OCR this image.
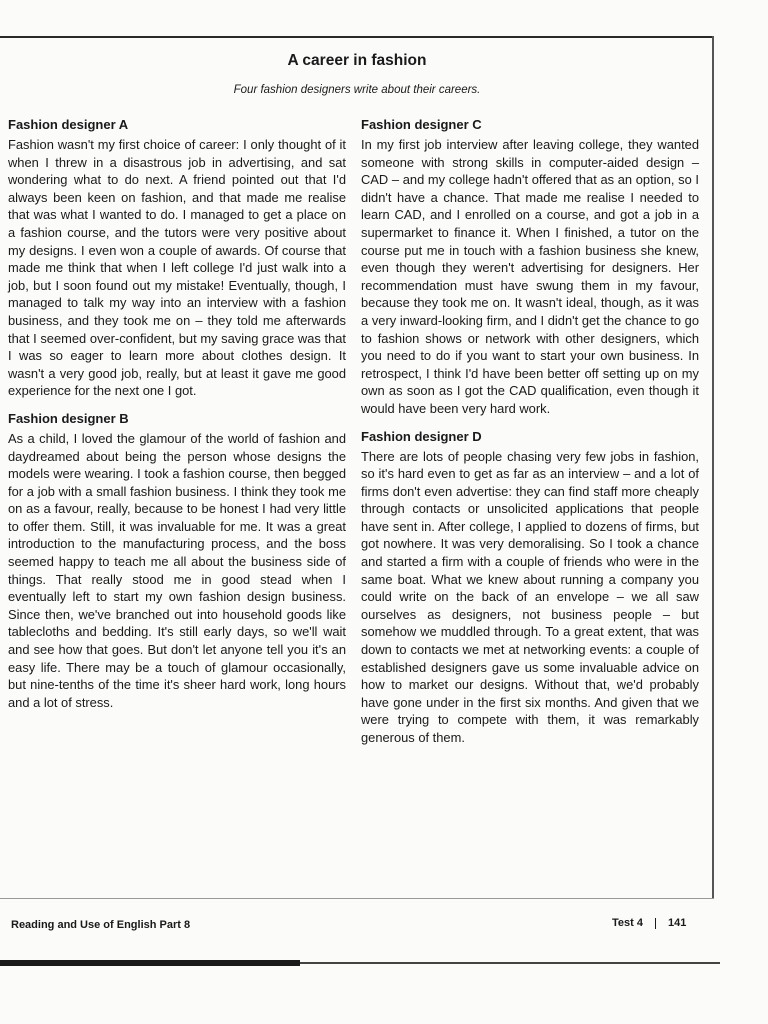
A career in fashion
Four fashion designers write about their careers.
Fashion designer A

Fashion wasn't my first choice of career: I only thought of it when I threw in a disastrous job in advertising, and sat wondering what to do next. A friend pointed out that I'd always been keen on fashion, and that made me realise that was what I wanted to do. I managed to get a place on a fashion course, and the tutors were very positive about my designs. I even won a couple of awards. Of course that made me think that when I left college I'd just walk into a job, but I soon found out my mistake! Eventually, though, I managed to talk my way into an interview with a fashion business, and they took me on – they told me afterwards that I seemed over-confident, but my saving grace was that I was so eager to learn more about clothes design. It wasn't a very good job, really, but at least it gave me good experience for the next one I got.

Fashion designer B

As a child, I loved the glamour of the world of fashion and daydreamed about being the person whose designs the models were wearing. I took a fashion course, then begged for a job with a small fashion business. I think they took me on as a favour, really, because to be honest I had very little to offer them. Still, it was invaluable for me. It was a great introduction to the manufacturing process, and the boss seemed happy to teach me all about the business side of things. That really stood me in good stead when I eventually left to start my own fashion design business. Since then, we've branched out into household goods like tablecloths and bedding. It's still early days, so we'll wait and see how that goes. But don't let anyone tell you it's an easy life. There may be a touch of glamour occasionally, but nine-tenths of the time it's sheer hard work, long hours and a lot of stress.

Fashion designer C

In my first job interview after leaving college, they wanted someone with strong skills in computer-aided design – CAD – and my college hadn't offered that as an option, so I didn't have a chance. That made me realise I needed to learn CAD, and I enrolled on a course, and got a job in a supermarket to finance it. When I finished, a tutor on the course put me in touch with a fashion business she knew, even though they weren't advertising for designers. Her recommendation must have swung them in my favour, because they took me on. It wasn't ideal, though, as it was a very inward-looking firm, and I didn't get the chance to go to fashion shows or network with other designers, which you need to do if you want to start your own business. In retrospect, I think I'd have been better off setting up on my own as soon as I got the CAD qualification, even though it would have been very hard work.

Fashion designer D

There are lots of people chasing very few jobs in fashion, so it's hard even to get as far as an interview – and a lot of firms don't even advertise: they can find staff more cheaply through contacts or unsolicited applications that people have sent in. After college, I applied to dozens of firms, but got nowhere. It was very demoralising. So I took a chance and started a firm with a couple of friends who were in the same boat. What we knew about running a company you could write on the back of an envelope – we all saw ourselves as designers, not business people – but somehow we muddled through. To a great extent, that was down to contacts we met at networking events: a couple of established designers gave us some invaluable advice on how to market our designs. Without that, we'd probably have gone under in the first six months. And given that we were trying to compete with them, it was remarkably generous of them.

Reading and Use of English Part 8	Test 4 141
